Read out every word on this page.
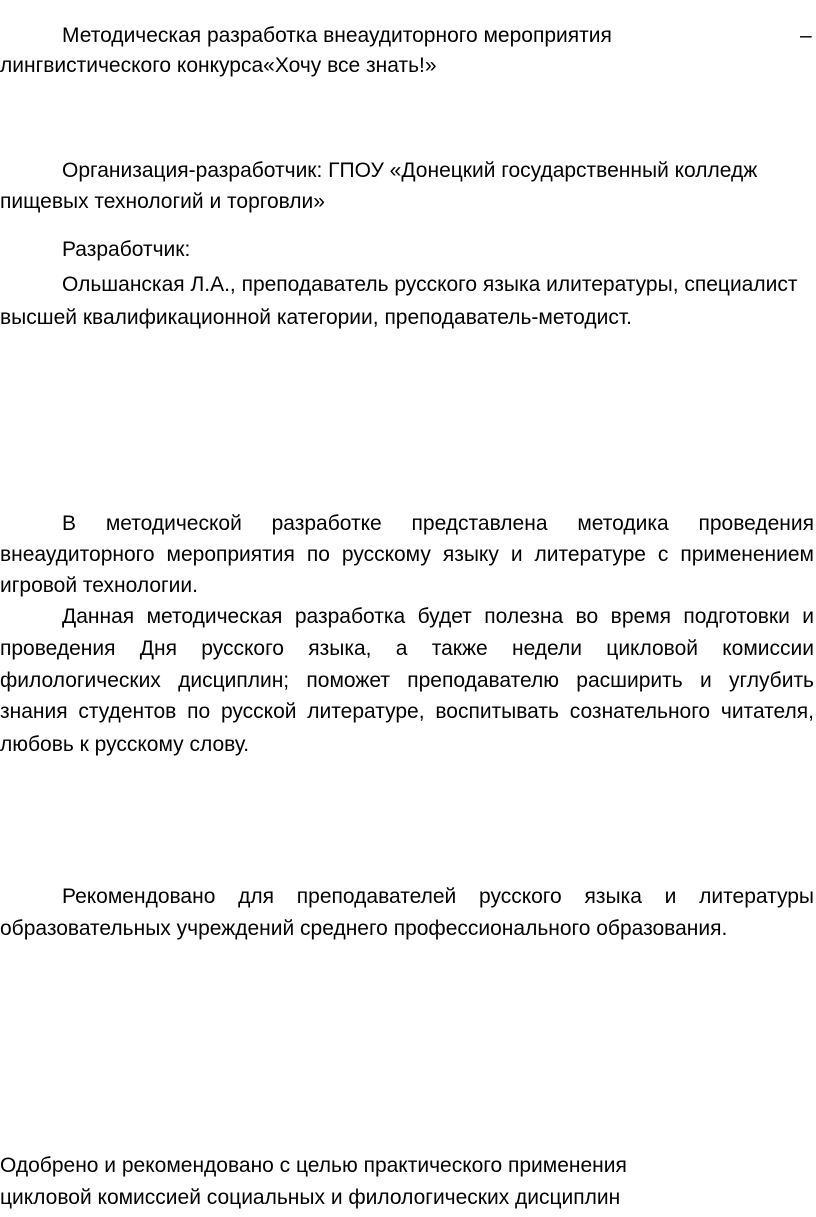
Методическая разработка внеаудиторного мероприятия	–
лингвистического конкурса«Хочу все знать!»
Организация-разработчик: ГПОУ «Донецкий государственный колледж
пищевых технологий и торговли»
Разработчик:
Ольшанская Л.А., преподаватель русского языка илитературы, специалист
высшей квалификационной категории, преподаватель-методист.
В методической разработке представлена методика проведения
внеаудиторного мероприятия по русскому языку и литературе с применением
игровой технологии.
Данная методическая разработка будет полезна во время подготовки и
проведения Дня русского языка, а также недели цикловой комиссии
филологических дисциплин; поможет преподавателю расширить и углубить
знания студентов по русской литературе, воспитывать сознательного читателя,
любовь к русскому слову.
Рекомендовано для преподавателей русского языка и литературы
образовательных учреждений среднего профессионального образования.
Одобрено и рекомендовано с целью практического применения
цикловой комиссией социальных и филологических дисциплин
